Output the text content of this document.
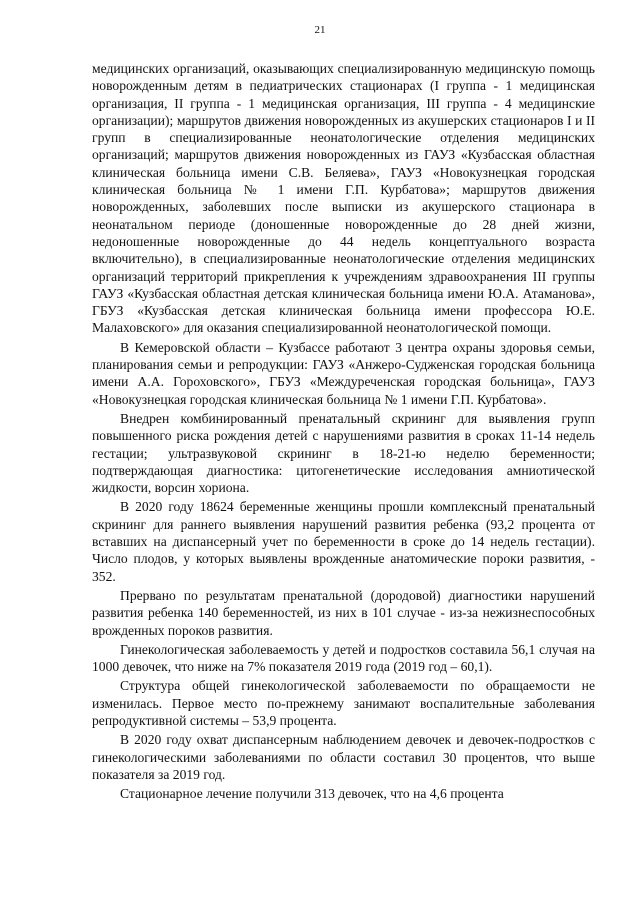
21

медицинских организаций, оказывающих специализированную медицинскую помощь новорожденным детям в педиатрических стационарах (I группа - 1 медицинская организация, II группа - 1 медицинская организация, III группа - 4 медицинские организации); маршрутов движения новорожденных из акушерских стационаров I и II групп в специализированные неонатологические отделения медицинских организаций; маршрутов движения новорожденных из ГАУЗ «Кузбасская областная клиническая больница имени С.В. Беляева», ГАУЗ «Новокузнецкая городская клиническая больница № 1 имени Г.П. Курбатова»; маршрутов движения новорожденных, заболевших после выписки из акушерского стационара в неонатальном периоде (доношенные новорожденные до 28 дней жизни, недоношенные новорожденные до 44 недель концептуального возраста включительно), в специализированные неонатологические отделения медицинских организаций территорий прикрепления к учреждениям здравоохранения III группы ГАУЗ «Кузбасская областная детская клиническая больница имени Ю.А. Атаманова», ГБУЗ «Кузбасская детская клиническая больница имени профессора Ю.Е. Малаховского» для оказания специализированной неонатологической помощи.

В Кемеровской области – Кузбассе работают 3 центра охраны здоровья семьи, планирования семьи и репродукции: ГАУЗ «Анжеро-Судженская городская больница имени А.А. Гороховского», ГБУЗ «Междуреченская городская больница», ГАУЗ «Новокузнецкая городская клиническая больница № 1 имени Г.П. Курбатова».

Внедрен комбинированный пренатальный скрининг для выявления групп повышенного риска рождения детей с нарушениями развития в сроках 11-14 недель гестации; ультразвуковой скрининг в 18-21-ю неделю беременности; подтверждающая диагностика: цитогенетические исследования амниотической жидкости, ворсин хориона.

В 2020 году 18624 беременные женщины прошли комплексный пренатальный скрининг для раннего выявления нарушений развития ребенка (93,2 процента от вставших на диспансерный учет по беременности в сроке до 14 недель гестации). Число плодов, у которых выявлены врожденные анатомические пороки развития, - 352.

Прервано по результатам пренатальной (дородовой) диагностики нарушений развития ребенка 140 беременностей, из них в 101 случае - из-за нежизнеспособных врожденных пороков развития.

Гинекологическая заболеваемость у детей и подростков составила 56,1 случая на 1000 девочек, что ниже на 7% показателя 2019 года (2019 год – 60,1).

Структура общей гинекологической заболеваемости по обращаемости не изменилась. Первое место по-прежнему занимают воспалительные заболевания репродуктивной системы – 53,9 процента.

В 2020 году охват диспансерным наблюдением девочек и девочек-подростков с гинекологическими заболеваниями по области составил 30 процентов, что выше показателя за 2019 год.

Стационарное лечение получили 313 девочек, что на 4,6 процента
